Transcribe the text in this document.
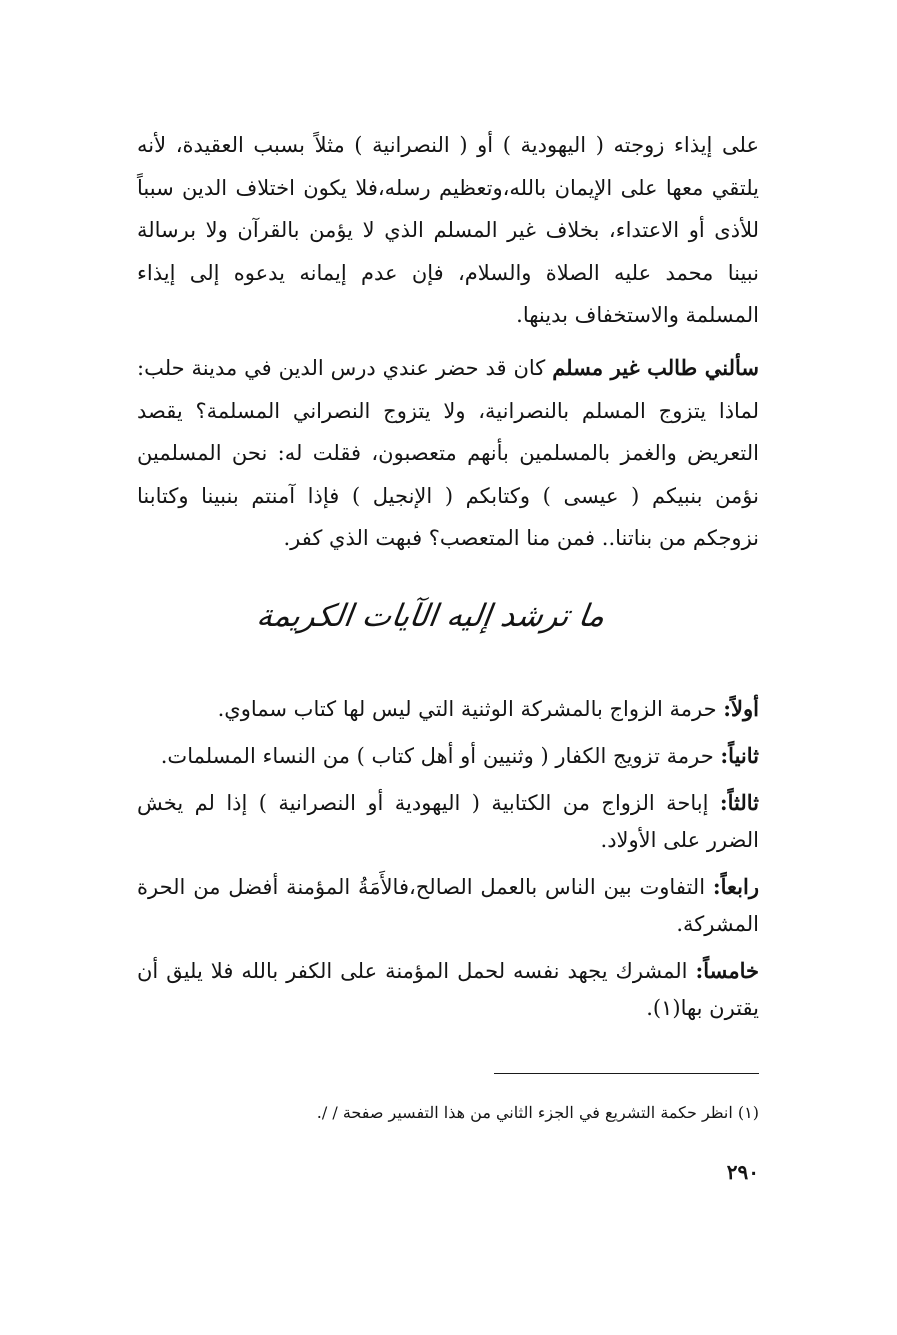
على إيذاء زوجته ( اليهودية ) أو ( النصرانية ) مثلاً بسبب العقيدة، لأنه يلتقي معها على الإيمان بالله،وتعظيم رسله،فلا يكون اختلاف الدين سبباً للأذى أو الاعتداء، بخلاف غير المسلم الذي لا يؤمن بالقرآن ولا برسالة نبينا محمد عليه الصلاة والسلام، فإن عدم إيمانه يدعوه إلى إيذاء المسلمة والاستخفاف بدينها.

سألني طالب غير مسلم كان قد حضر عندي درس الدين في مدينة حلب: لماذا يتزوج المسلم بالنصرانية، ولا يتزوج النصراني المسلمة؟ يقصد التعريض والغمز بالمسلمين بأنهم متعصبون، فقلت له: نحن المسلمين نؤمن بنبيكم ( عيسى ) وكتابكم ( الإنجيل ) فإذا آمنتم بنبينا وكتابنا نزوجكم من بناتنا.. فمن منا المتعصب؟ فبهت الذي كفر.

ما ترشد إليه الآيات الكريمة
أولاً: حرمة الزواج بالمشركة الوثنية التي ليس لها كتاب سماوي.
ثانياً: حرمة تزويج الكفار ( وثنيين أو أهل كتاب ) من النساء المسلمات.
ثالثاً: إباحة الزواج من الكتابية ( اليهودية أو النصرانية ) إذا لم يخش الضرر على الأولاد.
رابعاً: التفاوت بين الناس بالعمل الصالح،فالأَمَةُ المؤمنة أفضل من الحرة المشركة.
خامساً: المشرك يجهد نفسه لحمل المؤمنة على الكفر بالله فلا يليق أن يقترن بها(١).
(١) انظر حكمة التشريع في الجزء الثاني من هذا التفسير صفحة / /.
٢٩٠
